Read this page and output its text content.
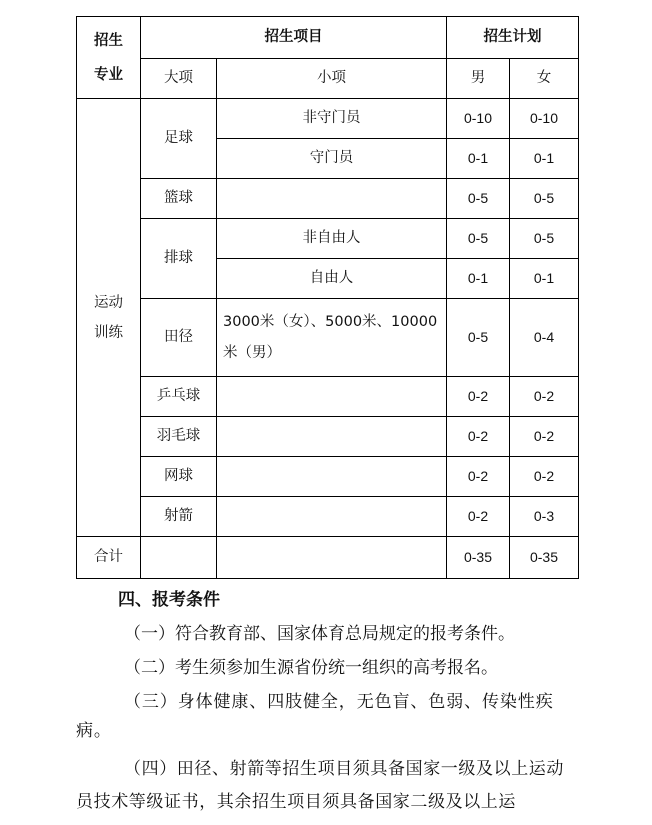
招生
专业	招生项目		招生计划	
	大项	小项	男	女
运动
训练	足球	非守门员	0-10	0-10
		守门员	0-1	0-1
	篮球		0-5	0-5
	排球	非自由人	0-5	0-5
		自由人	0-1	0-1
	田径	3000米（女）、5000米、10000米（男）	0-5	0-4
	乒乓球		0-2	0-2
	羽毛球		0-2	0-2
	网球		0-2	0-2
	射箭		0-2	0-3
合计			0-35	0-35

四、报考条件

（一）符合教育部、国家体育总局规定的报考条件。

（二）考生须参加生源省份统一组织的高考报名。

（三）身体健康、四肢健全，无色盲、色弱、传染性疾病。

（四）田径、射箭等招生项目须具备国家一级及以上运动员技术等级证书，其余招生项目须具备国家二级及以上运
